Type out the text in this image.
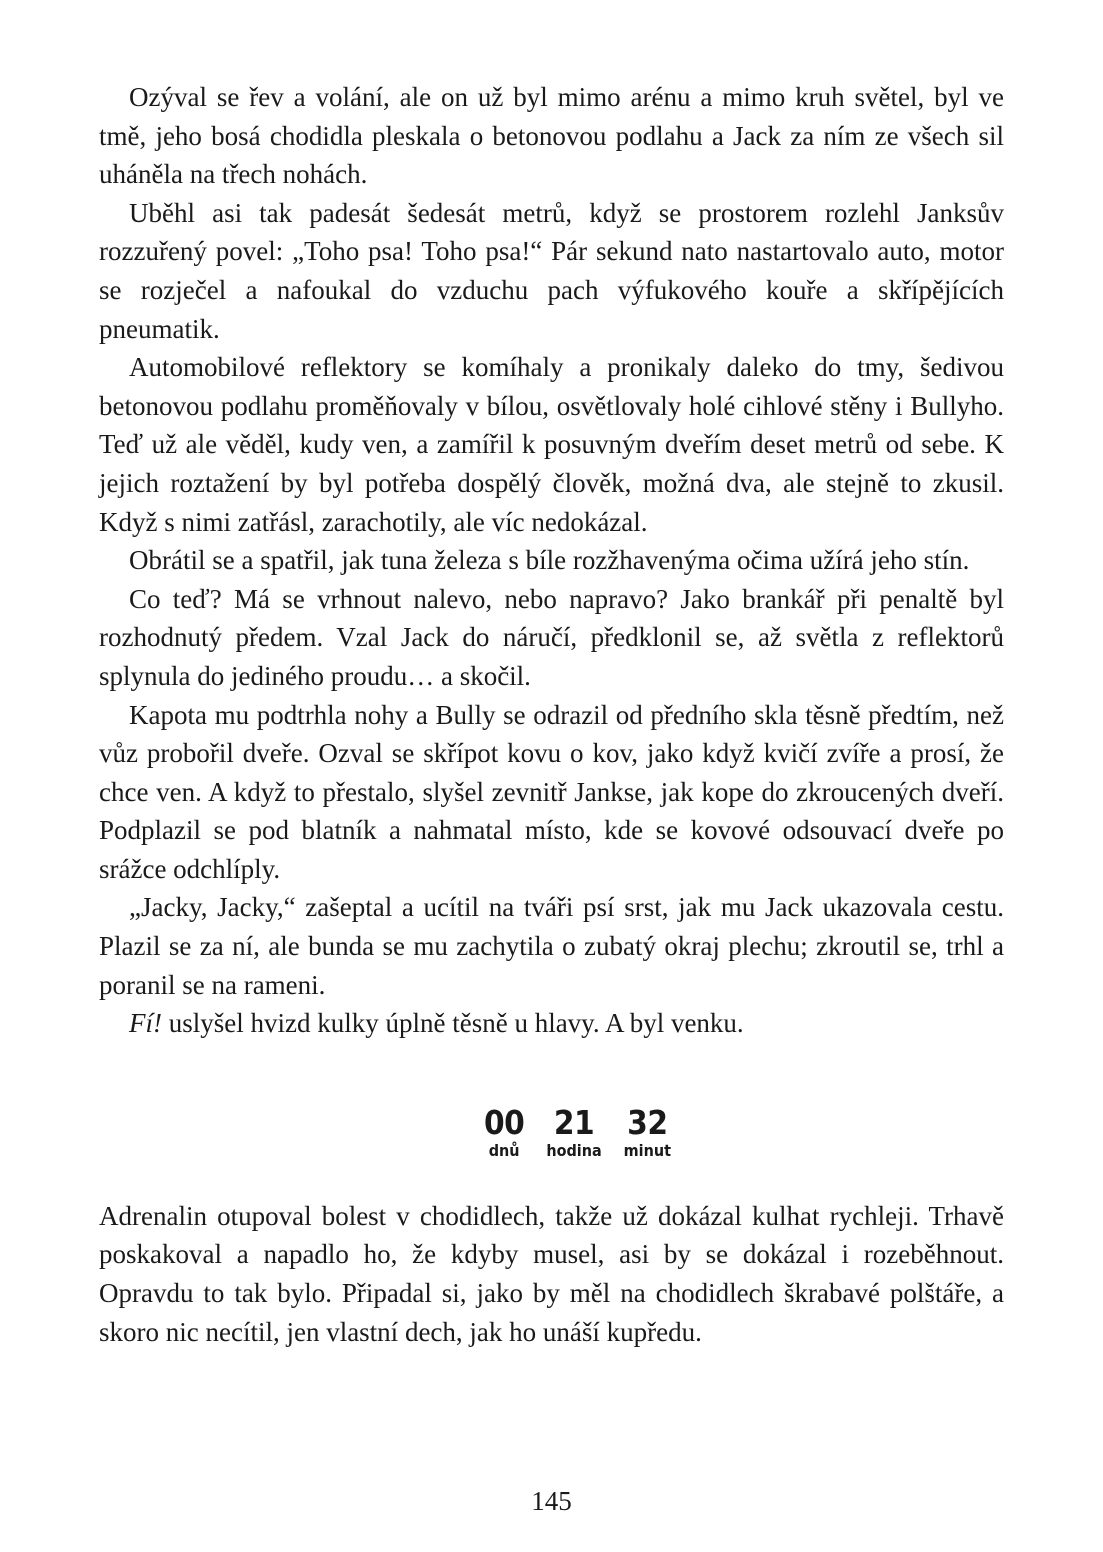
Ozýval se řev a volání, ale on už byl mimo arénu a mimo kruh světel, byl ve tmě, jeho bosá chodidla pleskala o betonovou podlahu a Jack za ním ze všech sil uháněla na třech nohách.

Uběhl asi tak padesát šedesát metrů, když se prostorem rozlehl Janksův rozzuřený povel: „Toho psa! Toho psa!“ Pár sekund nato nastartovalo auto, motor se rozječel a nafoukal do vzduchu pach výfukového kouře a skřípějících pneumatik.

Automobilové reflektory se komíhaly a pronikaly daleko do tmy, šedivou betonovou podlahu proměňovaly v bílou, osvětlovaly holé cihlové stěny i Bullyho. Teď už ale věděl, kudy ven, a zamířil k posuvným dveřím deset metrů od sebe. K jejich roztažení by byl potřeba dospělý člověk, možná dva, ale stejně to zkusil. Když s nimi zatřásl, zarachotily, ale víc nedokázal.

Obrátil se a spatřil, jak tuna železa s bíle rozžhavenýma očima užírá jeho stín.

Co teď? Má se vrhnout nalevo, nebo napravo? Jako brankář při penaltě byl rozhodnutý předem. Vzal Jack do náručí, předklonil se, až světla z reflektorů splynula do jediného proudu… a skočil.

Kapota mu podtrhla nohy a Bully se odrazil od předního skla těsně předtím, než vůz probořil dveře. Ozval se skřípot kovu o kov, jako když kvičí zvíře a prosí, že chce ven. A když to přestalo, slyšel zevnitř Jankse, jak kope do zkroucených dveří. Podplazil se pod blatník a nahmatal místo, kde se kovové odsouvací dveře po srážce odchlíply.

„Jacky, Jacky,“ zašeptal a ucítil na tváři psí srst, jak mu Jack ukazovala cestu. Plazil se za ní, ale bunda se mu zachytila o zubatý okraj plechu; zkroutil se, trhl a poranil se na rameni.

Fí! uslyšel hvizd kulky úplně těsně u hlavy. A byl venku.

00
dnů
21
hodina
32
minut

Adrenalin otupoval bolest v chodidlech, takže už dokázal kulhat rychleji. Trhavě poskakoval a napadlo ho, že kdyby musel, asi by se dokázal i rozeběhnout. Opravdu to tak bylo. Připadal si, jako by měl na chodidlech škrabavé polštáře, a skoro nic necítil, jen vlastní dech, jak ho unáší kupředu.

145
